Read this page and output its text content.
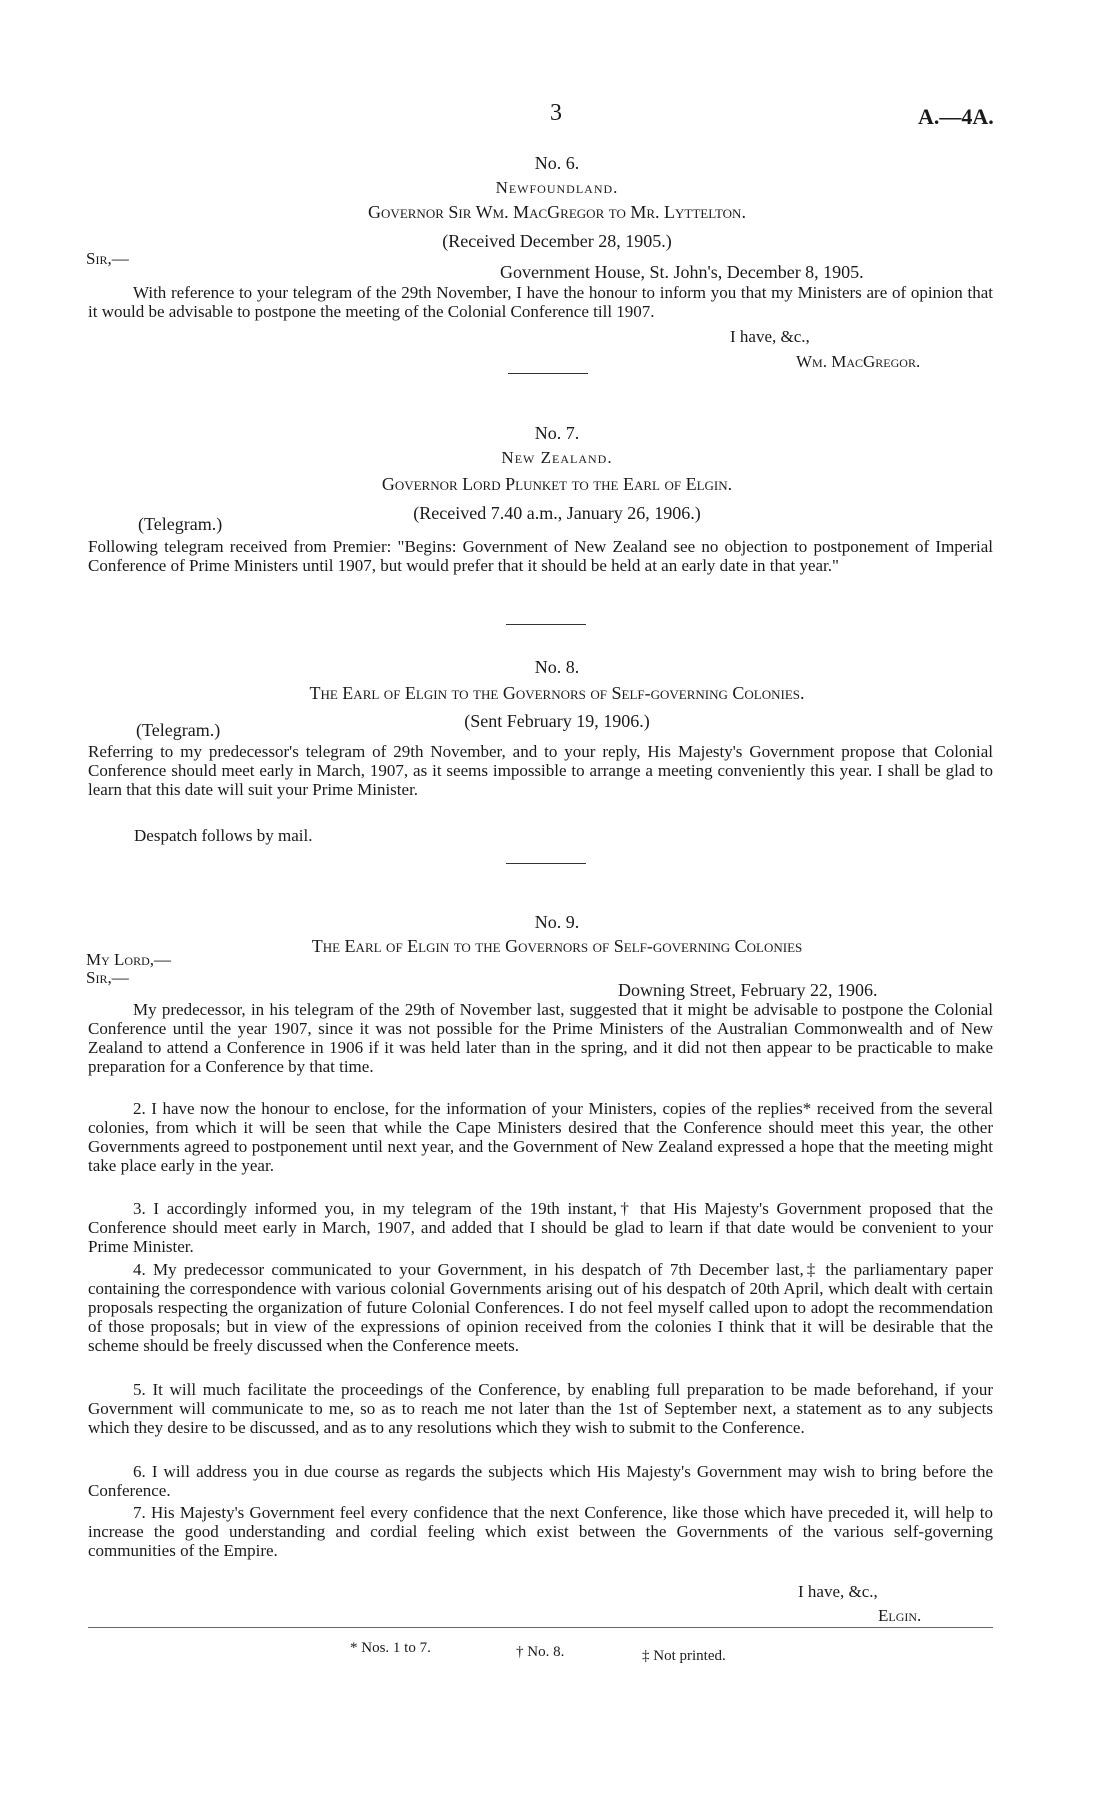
3	A.—4A.
No. 6.
Newfoundland.
Governor Sir Wm. MacGregor to Mr. Lyttelton.
(Received December 28, 1905.)
Sir,—
Government House, St. John's, December 8, 1905.
With reference to your telegram of the 29th November, I have the honour to inform you that my Ministers are of opinion that it would be advisable to postpone the meeting of the Colonial Conference till 1907.
I have, &c.,
Wm. MacGregor.
No. 7.
New Zealand.
Governor Lord Plunket to the Earl of Elgin.
(Telegram.)
(Received 7.40 a.m., January 26, 1906.)
Following telegram received from Premier: "Begins: Government of New Zealand see no objection to postponement of Imperial Conference of Prime Ministers until 1907, but would prefer that it should be held at an early date in that year."
No. 8.
The Earl of Elgin to the Governors of Self-governing Colonies.
(Telegram.)	(Sent February 19, 1906.)
Referring to my predecessor's telegram of 29th November, and to your reply, His Majesty's Government propose that Colonial Conference should meet early in March, 1907, as it seems impossible to arrange a meeting conveniently this year. I shall be glad to learn that this date will suit your Prime Minister.
Despatch follows by mail.
No. 9.
The Earl of Elgin to the Governors of Self-governing Colonies
My Lord,—
Sir,—
Downing Street, February 22, 1906.
My predecessor, in his telegram of the 29th of November last, suggested that it might be advisable to postpone the Colonial Conference until the year 1907, since it was not possible for the Prime Ministers of the Australian Commonwealth and of New Zealand to attend a Conference in 1906 if it was held later than in the spring, and it did not then appear to be practicable to make preparation for a Conference by that time.
2. I have now the honour to enclose, for the information of your Ministers, copies of the replies* received from the several colonies, from which it will be seen that while the Cape Ministers desired that the Conference should meet this year, the other Governments agreed to postponement until next year, and the Government of New Zealand expressed a hope that the meeting might take place early in the year.
3. I accordingly informed you, in my telegram of the 19th instant,† that His Majesty's Government proposed that the Conference should meet early in March, 1907, and added that I should be glad to learn if that date would be convenient to your Prime Minister.
4. My predecessor communicated to your Government, in his despatch of 7th December last,‡ the parliamentary paper containing the correspondence with various colonial Governments arising out of his despatch of 20th April, which dealt with certain proposals respecting the organization of future Colonial Conferences. I do not feel myself called upon to adopt the recommendation of those proposals; but in view of the expressions of opinion received from the colonies I think that it will be desirable that the scheme should be freely discussed when the Conference meets.
5. It will much facilitate the proceedings of the Conference, by enabling full preparation to be made beforehand, if your Government will communicate to me, so as to reach me not later than the 1st of September next, a statement as to any subjects which they desire to be discussed, and as to any resolutions which they wish to submit to the Conference.
6. I will address you in due course as regards the subjects which His Majesty's Government may wish to bring before the Conference.
7. His Majesty's Government feel every confidence that the next Conference, like those which have preceded it, will help to increase the good understanding and cordial feeling which exist between the Governments of the various self-governing communities of the Empire.
I have, &c.,
Elgin.
* Nos. 1 to 7.	† No. 8.	‡ Not printed.
